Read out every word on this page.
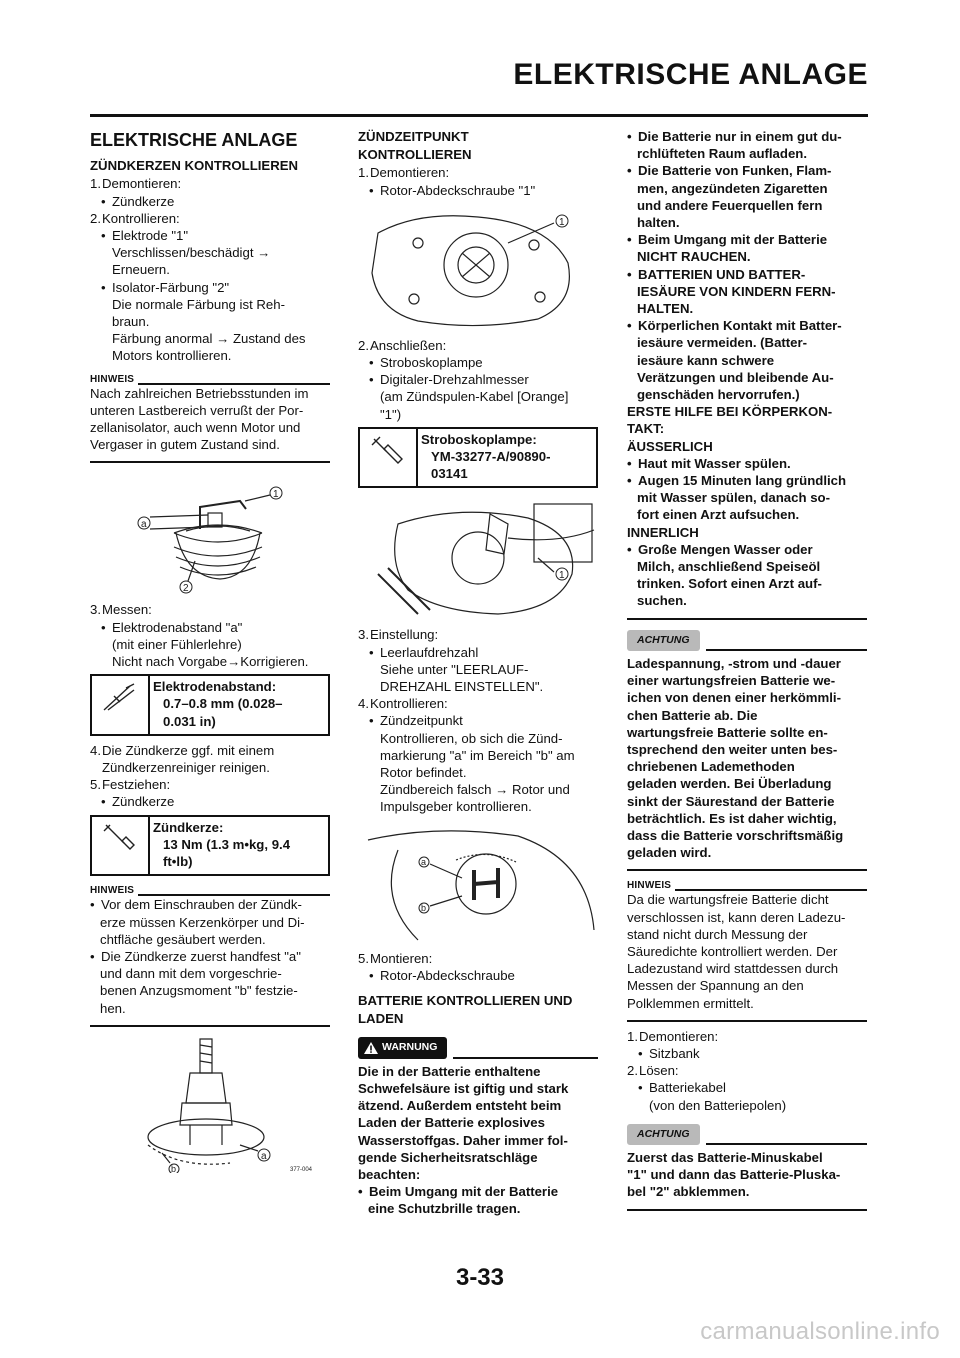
ELEKTRISCHE ANLAGE
ELEKTRISCHE ANLAGE
ZÜNDKERZEN KONTROLLIEREN
1.Demontieren:
• Zündkerze
2.Kontrollieren:
• Elektrode "1"
Verschlissen/beschädigt →
Erneuern.
• Isolator-Färbung "2"
Die normale Färbung ist Reh-
braun.
Färbung anormal → Zustand des
Motors kontrollieren.
HINWEIS
Nach zahlreichen Betriebsstunden im
unteren Lastbereich verrußt der Por-
zellanisolator, auch wenn Motor und
Vergaser in gutem Zustand sind.
a
1
2
3.Messen:
• Elektrodenabstand "a"
(mit einer Fühlerlehre)
Nicht nach Vorgabe→Korrigieren.
Elektrodenabstand:
0.7–0.8 mm (0.028–
0.031 in)
4.Die Zündkerze ggf. mit einem
Zündkerzenreiniger reinigen.
5.Festziehen:
• Zündkerze
Zündkerze:
13 Nm (1.3 m•kg, 9.4
ft•lb)
HINWEIS
• Vor dem Einschrauben der Zündk-
erze müssen Kerzenkörper und Di-
chtfläche gesäubert werden.
• Die Zündkerze zuerst handfest "a"
und dann mit dem vorgeschrie-
benen Anzugsmoment "b" festzie-
hen.
a
b	377-004
ZÜNDZEITPUNKT
KONTROLLIEREN
1.Demontieren:
• Rotor-Abdeckschraube "1"
1
2.Anschließen:
• Stroboskoplampe
• Digitaler-Drehzahlmesser
(am Zündspulen-Kabel [Orange]
"1")
Stroboskoplampe:
YM-33277-A/90890-
03141
1
3.Einstellung:
• Leerlaufdrehzahl
Siehe unter "LEERLAUF-
DREHZAHL EINSTELLEN".
4.Kontrollieren:
• Zündzeitpunkt
Kontrollieren, ob sich die Zünd-
markierung "a" im Bereich "b" am
Rotor befindet.
Zündbereich falsch → Rotor und
Impulsgeber kontrollieren.
a
b
H
5.Montieren:
• Rotor-Abdeckschraube
BATTERIE KONTROLLIEREN UND
LADEN
WARNUNG
Die in der Batterie enthaltene
Schwefelsäure ist giftig und stark
ätzend. Außerdem entsteht beim
Laden der Batterie explosives
Wasserstoffgas. Daher immer fol-
gende Sicherheitsratschläge
beachten:
• Beim Umgang mit der Batterie
eine Schutzbrille tragen.
• Die Batterie nur in einem gut du-
rchlüfteten Raum aufladen.
• Die Batterie von Funken, Flam-
men, angezündeten Zigaretten
und andere Feuerquellen fern
halten.
• Beim Umgang mit der Batterie
NICHT RAUCHEN.
• BATTERIEN UND BATTER-
IESÄURE VON KINDERN FERN-
HALTEN.
• Körperlichen Kontakt mit Batter-
iesäure vermeiden. (Batter-
iesäure kann schwere
Verätzungen und bleibende Au-
genschäden hervorrufen.)
ERSTE HILFE BEI KÖRPERKON-
TAKT:
ÄUSSERLICH
• Haut mit Wasser spülen.
• Augen 15 Minuten lang gründlich
mit Wasser spülen, danach so-
fort einen Arzt aufsuchen.
INNERLICH
• Große Mengen Wasser oder
Milch, anschließend Speiseöl
trinken. Sofort einen Arzt auf-
suchen.
ACHTUNG
Ladespannung, -strom und -dauer
einer wartungsfreien Batterie we-
ichen von denen einer herkömmli-
chen Batterie ab. Die
wartungsfreie Batterie sollte en-
tsprechend den weiter unten bes-
chriebenen Lademethoden
geladen werden. Bei Überladung
sinkt der Säurestand der Batterie
beträchtlich. Es ist daher wichtig,
dass die Batterie vorschriftsmäßig
geladen wird.
HINWEIS
Da die wartungsfreie Batterie dicht
verschlossen ist, kann deren Ladezu-
stand nicht durch Messung der
Säuredichte kontrolliert werden. Der
Ladezustand wird stattdessen durch
Messen der Spannung an den
Polklemmen ermittelt.
1.Demontieren:
• Sitzbank
2.Lösen:
• Batteriekabel
(von den Batteriepolen)
ACHTUNG
Zuerst das Batterie-Minuskabel
"1" und dann das Batterie-Pluska-
bel "2" abklemmen.
3-33
carmanualsonline.info
